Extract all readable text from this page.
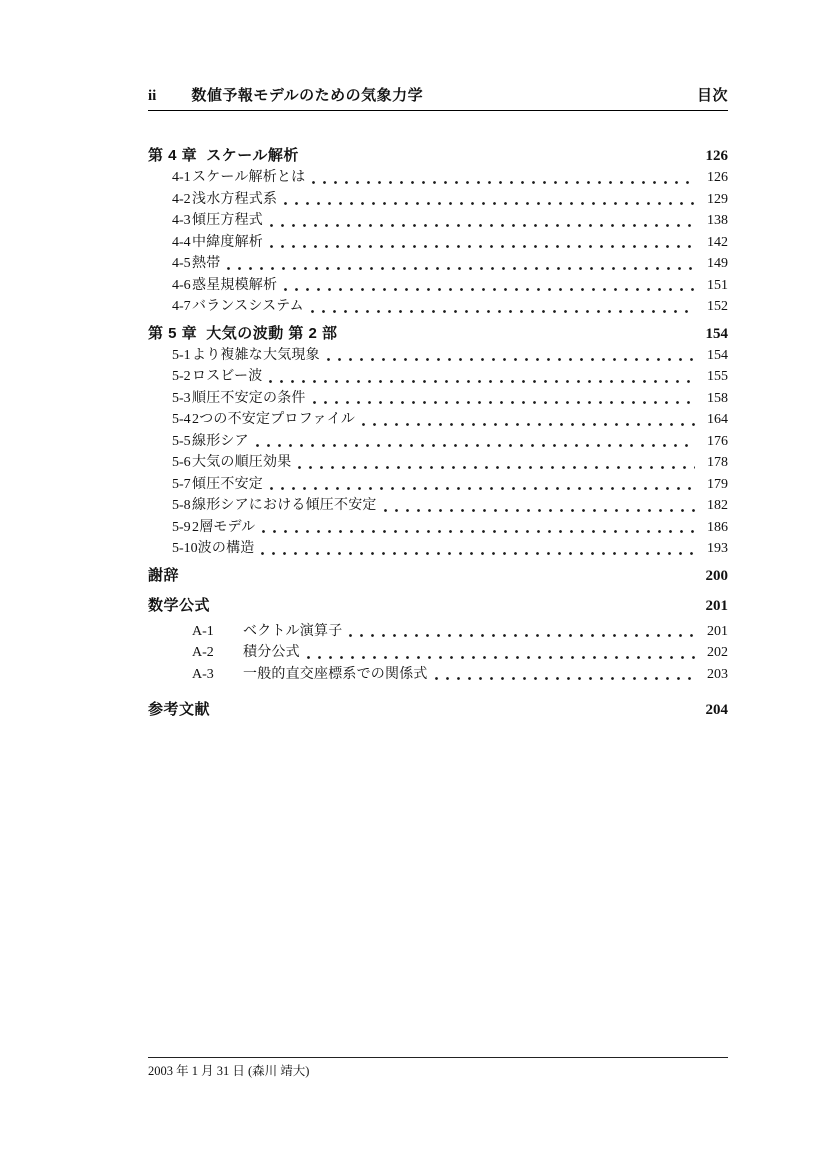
ii 数値予報モデルのための気象力学	目次
第 4 章 スケール解析	126
4-1 スケール解析とは	126
4-2 浅水方程式系	129
4-3 傾圧方程式	138
4-4 中緯度解析	142
4-5 熱帯	149
4-6 惑星規模解析	151
4-7 バランスシステム	152
第 5 章 大気の波動 第 2 部	154
5-1 より複雑な大気現象	154
5-2 ロスビー波	155
5-3 順圧不安定の条件	158
5-4 2つの不安定プロファイル	164
5-5 線形シア	176
5-6 大気の順圧効果	178
5-7 傾圧不安定	179
5-8 線形シアにおける傾圧不安定	182
5-9 2層モデル	186
5-10 波の構造	193
謝辞	200
数学公式	201
A-1	ベクトル演算子	201
A-2	積分公式	202
A-3	一般的直交座標系での関係式	203
参考文献	204
2003 年 1 月 31 日 (森川 靖大)
